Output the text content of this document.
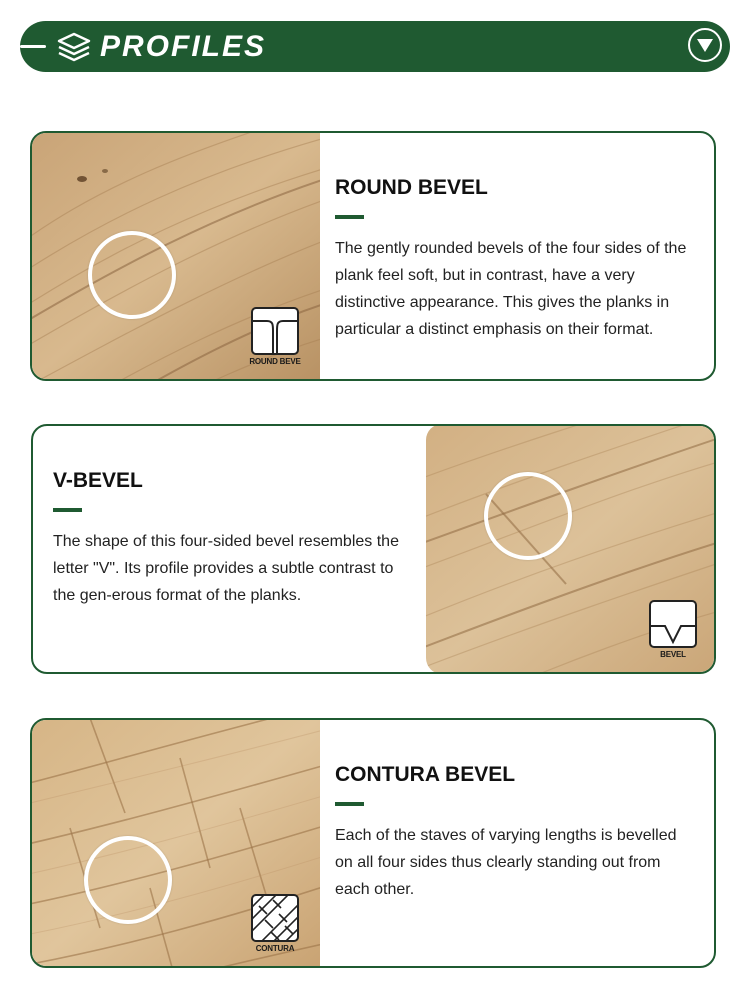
PROFILES
ROUND BEVE
ROUND BEVEL

The gently rounded bevels of the four sides of the plank feel soft, but in contrast, have a very distinctive appearance. This gives the planks in particular a distinct emphasis on their format.

V-BEVEL

The shape of this four-sided bevel resembles the letter "V". Its profile provides a subtle contrast to the gen-erous format of the planks.

BEVEL
CONTURA
CONTURA BEVEL

Each of the staves of varying lengths is bevelled on all four sides thus clearly standing out from each other.
